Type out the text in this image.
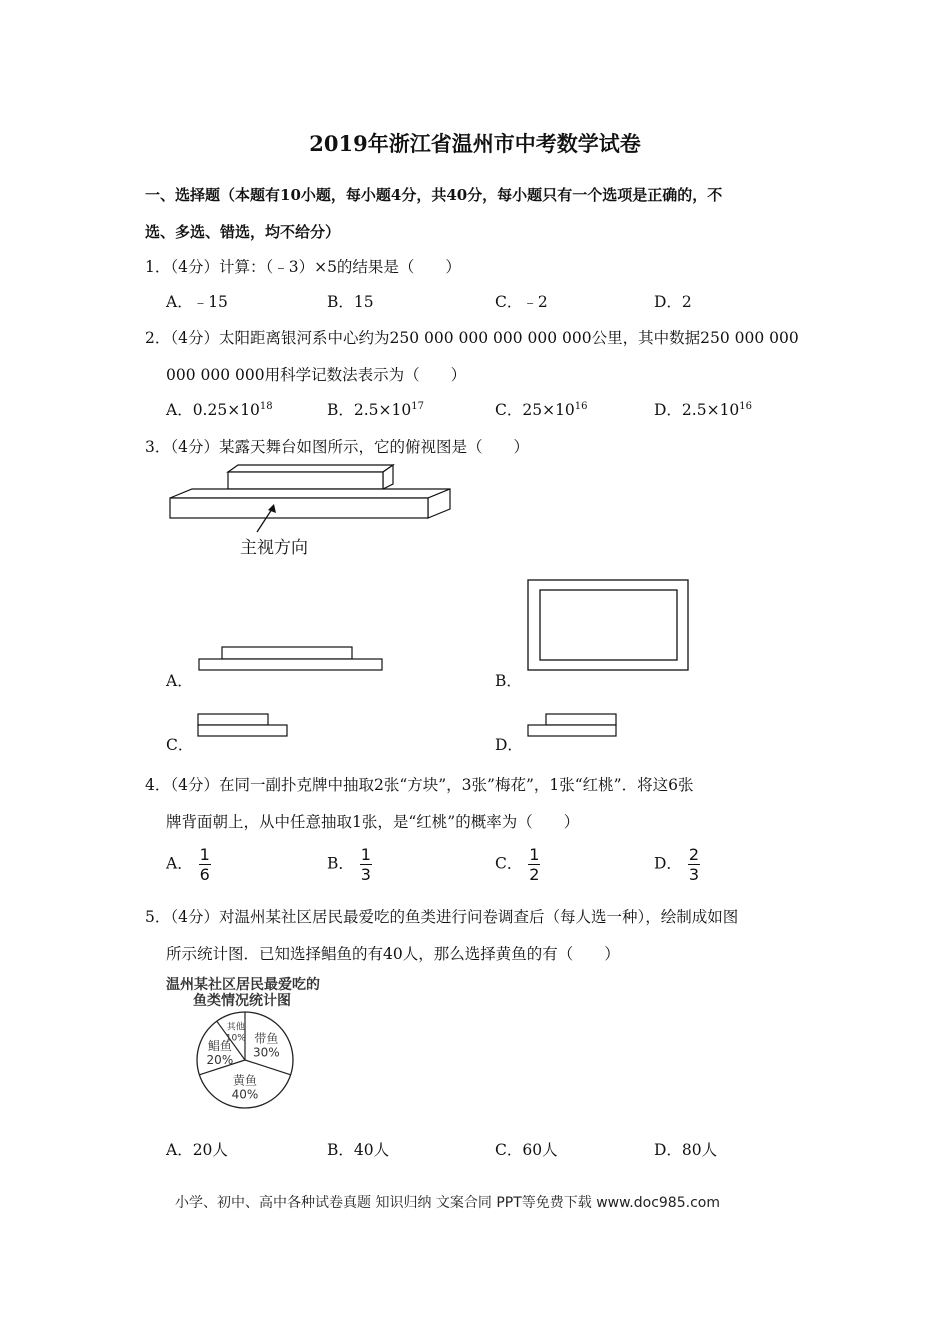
2019年浙江省温州市中考数学试卷
一、选择题（本题有10小题，每小题4分，共40分，每小题只有一个选项是正确的，不
选、多选、错选，均不给分）
1．（4分）计算：（﹣3）×5的结果是（　　）
A．﹣15	B．15	C．﹣2	D．2
2．（4分）太阳距离银河系中心约为250 000 000 000 000 000公里，其中数据250 000 000
000 000 000用科学记数法表示为（　　）
A．$0.25\times 10^{18}$	B．$2.5\times 10^{17}$	C．$25\times 10^{16}$	D．$2.5\times 10^{16}$
3．（4分）某露天舞台如图所示，它的俯视图是（　　）
主视方向
A．	B．
C．	D．
4．（4分）在同一副扑克牌中抽取2张“方块”，3张”梅花”，1张“红桃”．将这6张
牌背面朝上，从中任意抽取1张，是“红桃”的概率为（　　）
A． $\frac{1}{6}$	B． $\frac{1}{3}$	C． $\frac{1}{2}$	D． $\frac{2}{3}$
5．（4分）对温州某社区居民最爱吃的鱼类进行问卷调查后（每人选一种），绘制成如图
所示统计图．已知选择鲳鱼的有40人，那么选择黄鱼的有（　　）
温州某社区居民最爱吃的
鱼类情况统计图
带鱼
30%
黄鱼
40%
鲳鱼
20%
其他
10%
A．20人	B．40人	C．60人	D．80人
小学、初中、高中各种试卷真题 知识归纳 文案合同 PPT等免费下载 www.doc985.com
